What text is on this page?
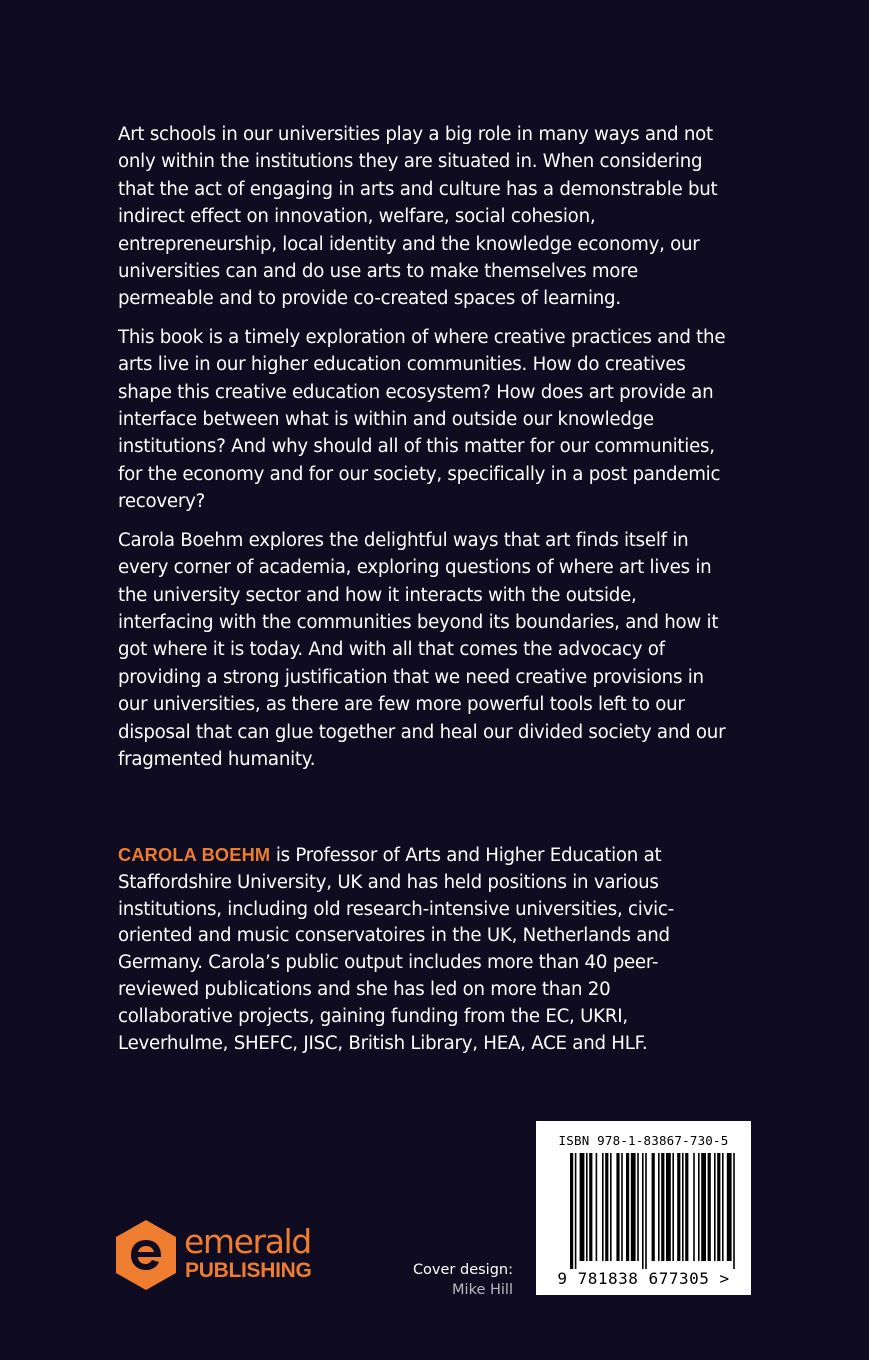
Art schools in our universities play a big role in many ways and not only within the institutions they are situated in. When considering that the act of engaging in arts and culture has a demonstrable but indirect effect on innovation, welfare, social cohesion, entrepreneurship, local identity and the knowledge economy, our universities can and do use arts to make themselves more permeable and to provide co-created spaces of learning.

This book is a timely exploration of where creative practices and the arts live in our higher education communities. How do creatives shape this creative education ecosystem? How does art provide an interface between what is within and outside our knowledge institutions? And why should all of this matter for our communities, for the economy and for our society, specifically in a post pandemic recovery?

Carola Boehm explores the delightful ways that art finds itself in every corner of academia, exploring questions of where art lives in the university sector and how it interacts with the outside, interfacing with the communities beyond its boundaries, and how it got where it is today. And with all that comes the advocacy of providing a strong justification that we need creative provisions in our universities, as there are few more powerful tools left to our disposal that can glue together and heal our divided society and our fragmented humanity.

CAROLA BOEHM is Professor of Arts and Higher Education at Staffordshire University, UK and has held positions in various institutions, including old research-intensive universities, civic-oriented and music conservatoires in the UK, Netherlands and Germany. Carola’s public output includes more than 40 peer-reviewed publications and she has led on more than 20 collaborative projects, gaining funding from the EC, UKRI, Leverhulme, SHEFC, JISC, British Library, HEA, ACE and HLF.
emerald
PUBLISHING	Cover design:
Mike Hill
ISBN 978-1-83867-730-5
9 781838 677305 >
